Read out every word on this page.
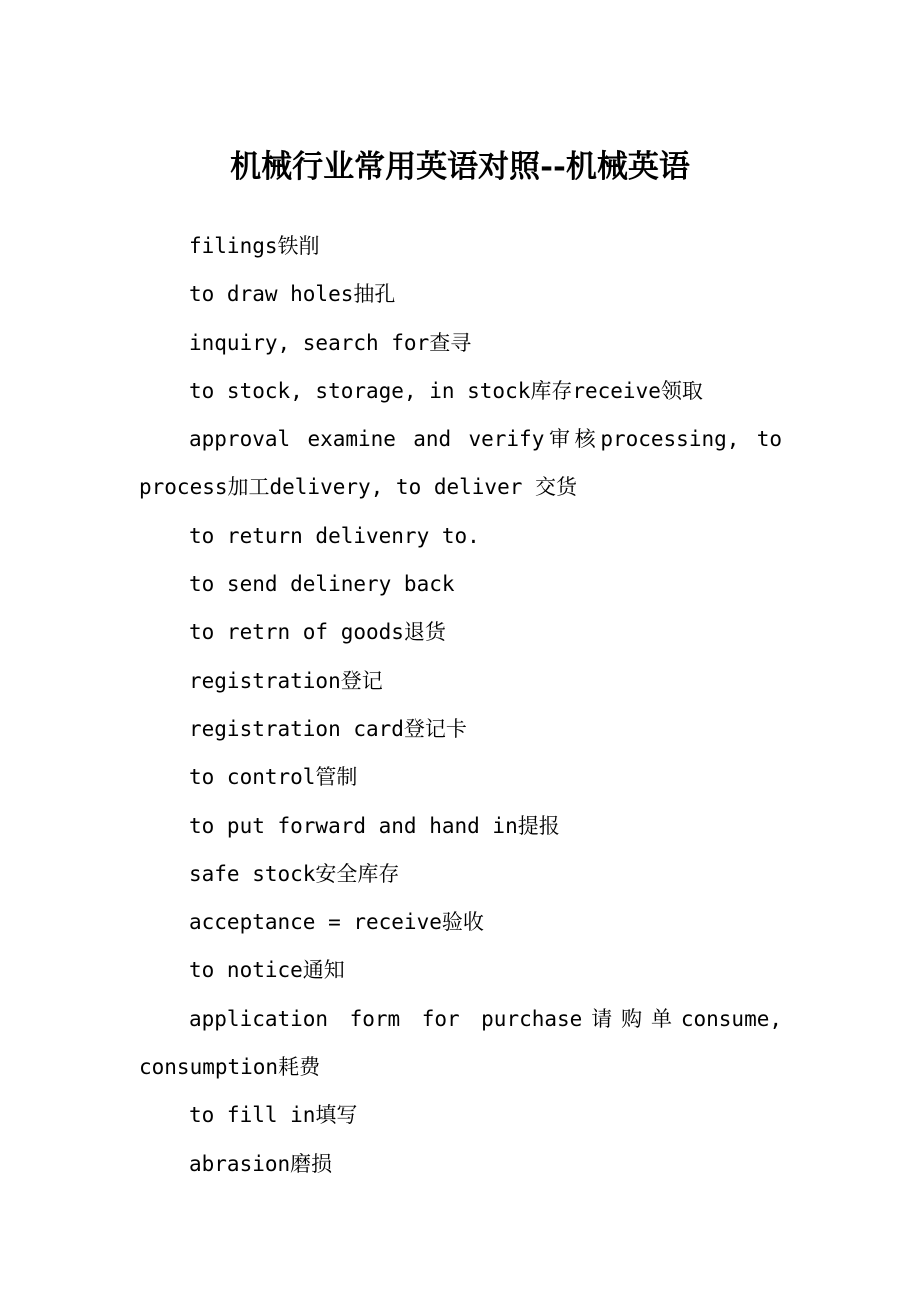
机械行业常用英语对照--机械英语

filings铁削

to draw holes抽孔

inquiry, search for查寻

to stock, storage, in stock库存receive领取

approval examine and verify审核processing, to process加工delivery, to deliver 交货

to return delivenry to.

to send delinery back

to retrn of goods退货

registration登记

registration card登记卡

to control管制

to put forward and hand in提报

safe stock安全库存

acceptance = receive验收

to notice通知

application form for purchase请购单consume, consumption耗费

to fill in填写

abrasion磨损
